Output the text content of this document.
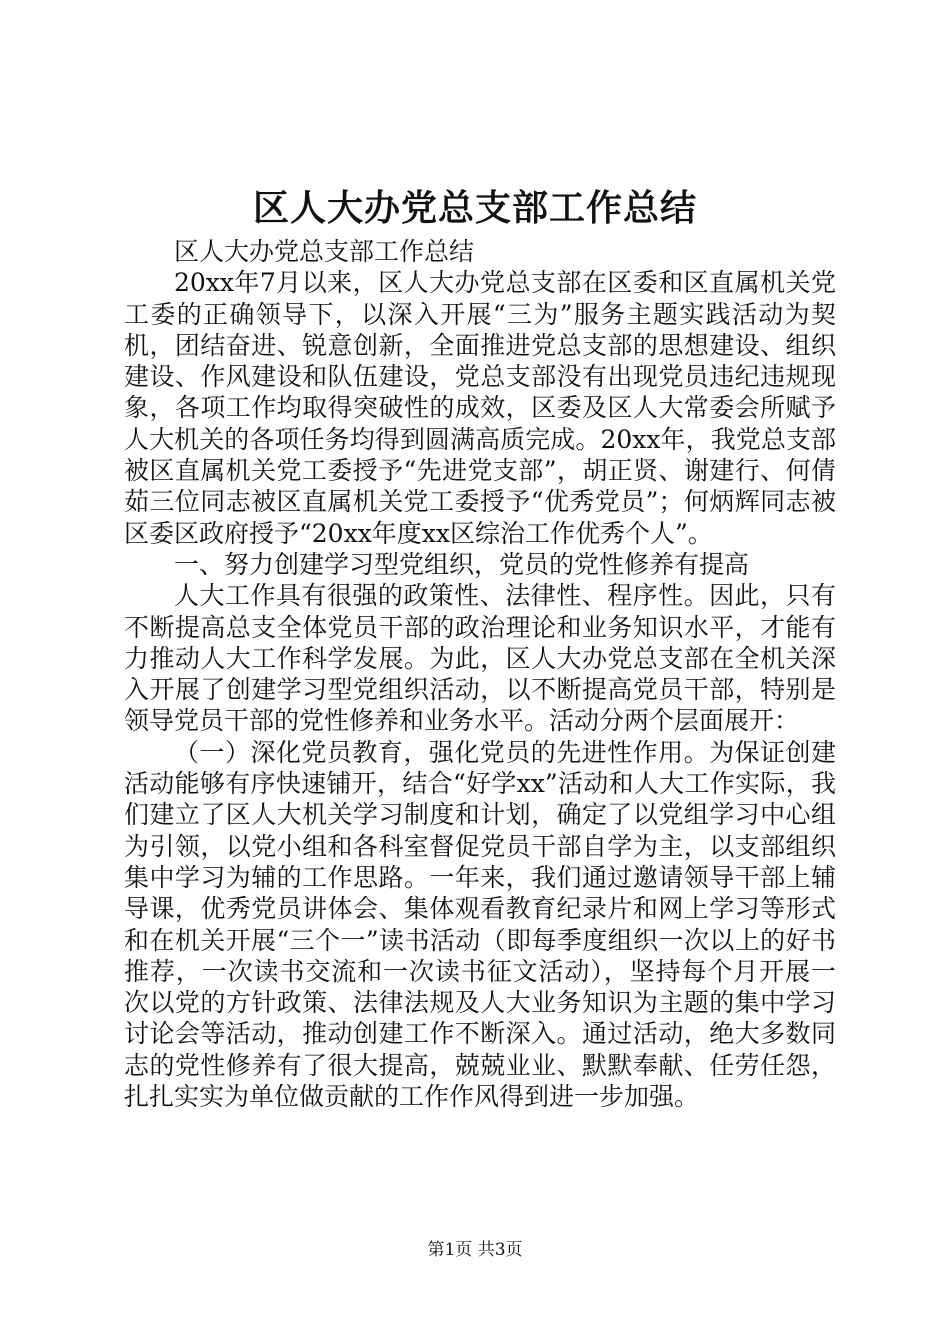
区人大办党总支部工作总结

区人大办党总支部工作总结

20xx年7月以来，区人大办党总支部在区委和区直属机关党工委的正确领导下，以深入开展“三为”服务主题实践活动为契机，团结奋进、锐意创新，全面推进党总支部的思想建设、组织建设、作风建设和队伍建设，党总支部没有出现党员违纪违规现象，各项工作均取得突破性的成效，区委及区人大常委会所赋予人大机关的各项任务均得到圆满高质完成。20xx年，我党总支部被区直属机关党工委授予“先进党支部”，胡正贤、谢建行、何倩茹三位同志被区直属机关党工委授予“优秀党员”；何炳辉同志被区委区政府授予“20xx年度xx区综治工作优秀个人”。

一、努力创建学习型党组织，党员的党性修养有提高

人大工作具有很强的政策性、法律性、程序性。因此，只有不断提高总支全体党员干部的政治理论和业务知识水平，才能有力推动人大工作科学发展。为此，区人大办党总支部在全机关深入开展了创建学习型党组织活动，以不断提高党员干部，特别是领导党员干部的党性修养和业务水平。活动分两个层面展开：

（一）深化党员教育，强化党员的先进性作用。为保证创建活动能够有序快速铺开，结合“好学xx”活动和人大工作实际，我们建立了区人大机关学习制度和计划，确定了以党组学习中心组为引领，以党小组和各科室督促党员干部自学为主，以支部组织集中学习为辅的工作思路。一年来，我们通过邀请领导干部上辅导课，优秀党员讲体会、集体观看教育纪录片和网上学习等形式和在机关开展“三个一”读书活动（即每季度组织一次以上的好书推荐，一次读书交流和一次读书征文活动），坚持每个月开展一次以党的方针政策、法律法规及人大业务知识为主题的集中学习讨论会等活动，推动创建工作不断深入。通过活动，绝大多数同志的党性修养有了很大提高，兢兢业业、默默奉献、任劳任怨，扎扎实实为单位做贡献的工作作风得到进一步加强。

第1页 共3页
